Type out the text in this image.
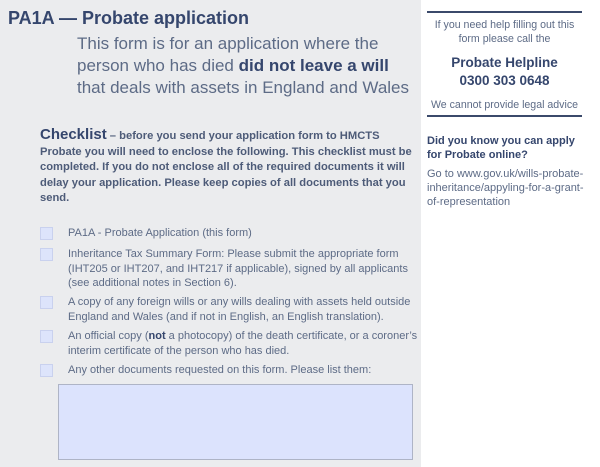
PA1A — Probate application
This form is for an application where the person who has died did not leave a will that deals with assets in England and Wales
Checklist – before you send your application form to HMCTS Probate you will need to enclose the following. This checklist must be completed. If you do not enclose all of the required documents it will delay your application. Please keep copies of all documents that you send.
PA1A - Probate Application (this form)
Inheritance Tax Summary Form: Please submit the appropriate form (IHT205 or IHT207, and IHT217 if applicable), signed by all applicants (see additional notes in Section 6).
A copy of any foreign wills or any wills dealing with assets held outside England and Wales (and if not in English, an English translation).
An official copy (not a photocopy) of the death certificate, or a coroner’s interim certificate of the person who has died.
Any other documents requested on this form. Please list them:
If you need help filling out this form please call the
Probate Helpline
0300 303 0648
We cannot provide legal advice
Did you know you can apply for Probate online?
Go to www.gov.uk/wills-probate-inheritance/appyling-for-a-grant-of-representation
